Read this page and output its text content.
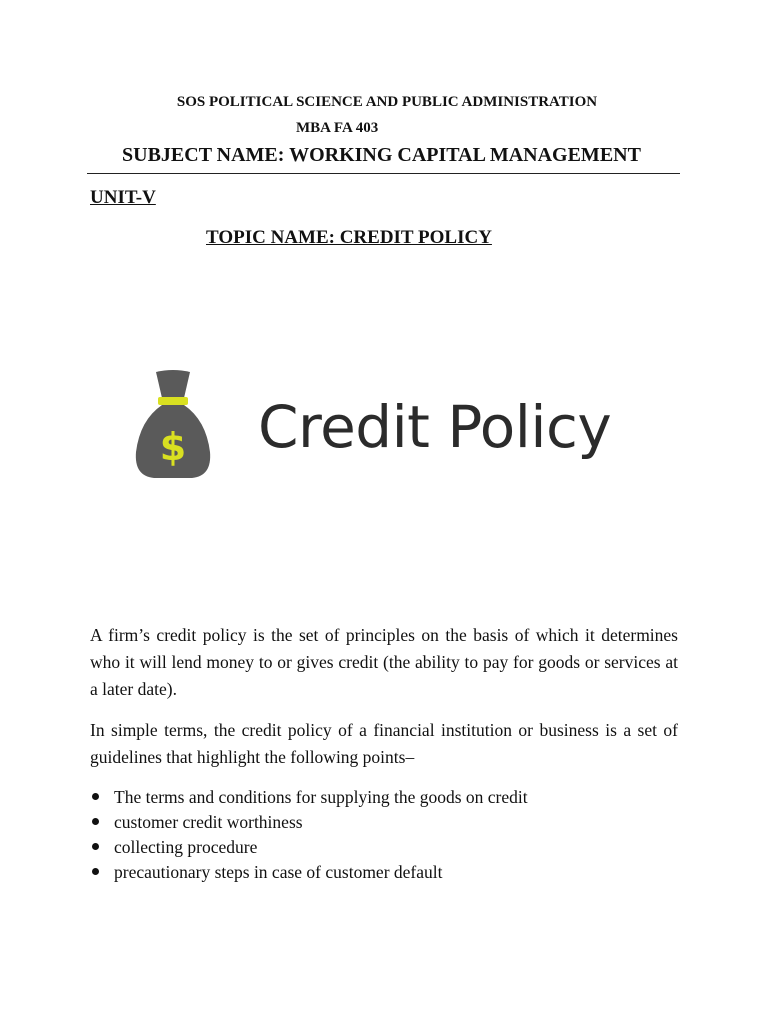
SOS POLITICAL SCIENCE AND PUBLIC ADMINISTRATION
MBA FA 403
SUBJECT NAME: WORKING CAPITAL MANAGEMENT
UNIT-V
TOPIC NAME: CREDIT POLICY
$ Credit Policy
A firm’s credit policy is the set of principles on the basis of which it determines who it will lend money to or gives credit (the ability to pay for goods or services at a later date).
In simple terms, the credit policy of a financial institution or business is a set of guidelines that highlight the following points–
The terms and conditions for supplying the goods on credit
customer credit worthiness
collecting procedure
precautionary steps in case of customer default
